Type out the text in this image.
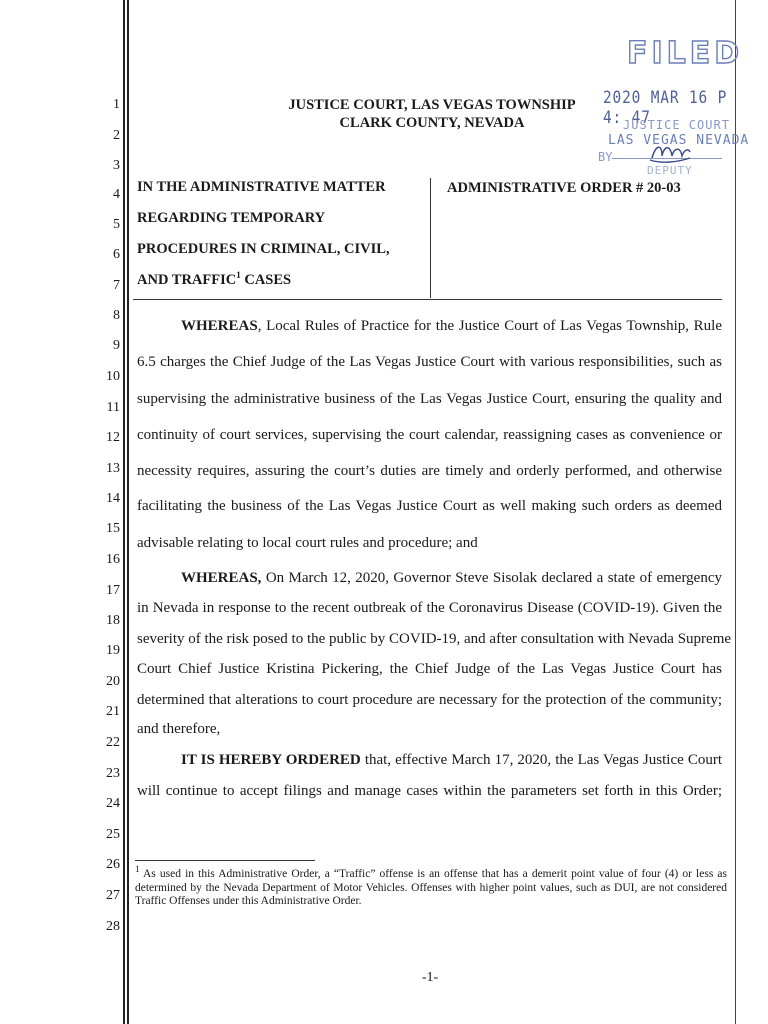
1
2
3
4
5
6
7
8
9
10
11
12
13
14
15
16
17
18
19
20
21
22
23
24
25
26
27
28
FILED
2020 MAR 16 P 4: 47
JUSTICE COURT
LAS VEGAS NEVADA
BY
DEPUTY
JUSTICE COURT, LAS VEGAS TOWNSHIP
CLARK COUNTY, NEVADA
IN THE ADMINISTRATIVE MATTER
REGARDING TEMPORARY
PROCEDURES IN CRIMINAL, CIVIL,
AND TRAFFIC$^1$ CASES
ADMINISTRATIVE ORDER # 20-03
WHEREAS, Local Rules of Practice for the Justice Court of Las Vegas Township, Rule
6.5 charges the Chief Judge of the Las Vegas Justice Court with various responsibilities, such as
supervising the administrative business of the Las Vegas Justice Court, ensuring the quality and
continuity of court services, supervising the court calendar, reassigning cases as convenience or
necessity requires, assuring the court’s duties are timely and orderly performed, and otherwise
facilitating the business of the Las Vegas Justice Court as well making such orders as deemed
advisable relating to local court rules and procedure; and
WHEREAS, On March 12, 2020, Governor Steve Sisolak declared a state of emergency
in Nevada in response to the recent outbreak of the Coronavirus Disease (COVID-19). Given the
severity of the risk posed to the public by COVID-19, and after consultation with Nevada Supreme
Court Chief Justice Kristina Pickering, the Chief Judge of the Las Vegas Justice Court has
determined that alterations to court procedure are necessary for the protection of the community;
and therefore,
IT IS HEREBY ORDERED that, effective March 17, 2020, the Las Vegas Justice Court
will continue to accept filings and manage cases within the parameters set forth in this Order;
$^1$ As used in this Administrative Order, a “Traffic” offense is an offense that has a demerit point value of four (4) or less as determined by the Nevada Department of Motor Vehicles. Offenses with higher point values, such as DUI, are not considered Traffic Offenses under this Administrative Order.
-1-
